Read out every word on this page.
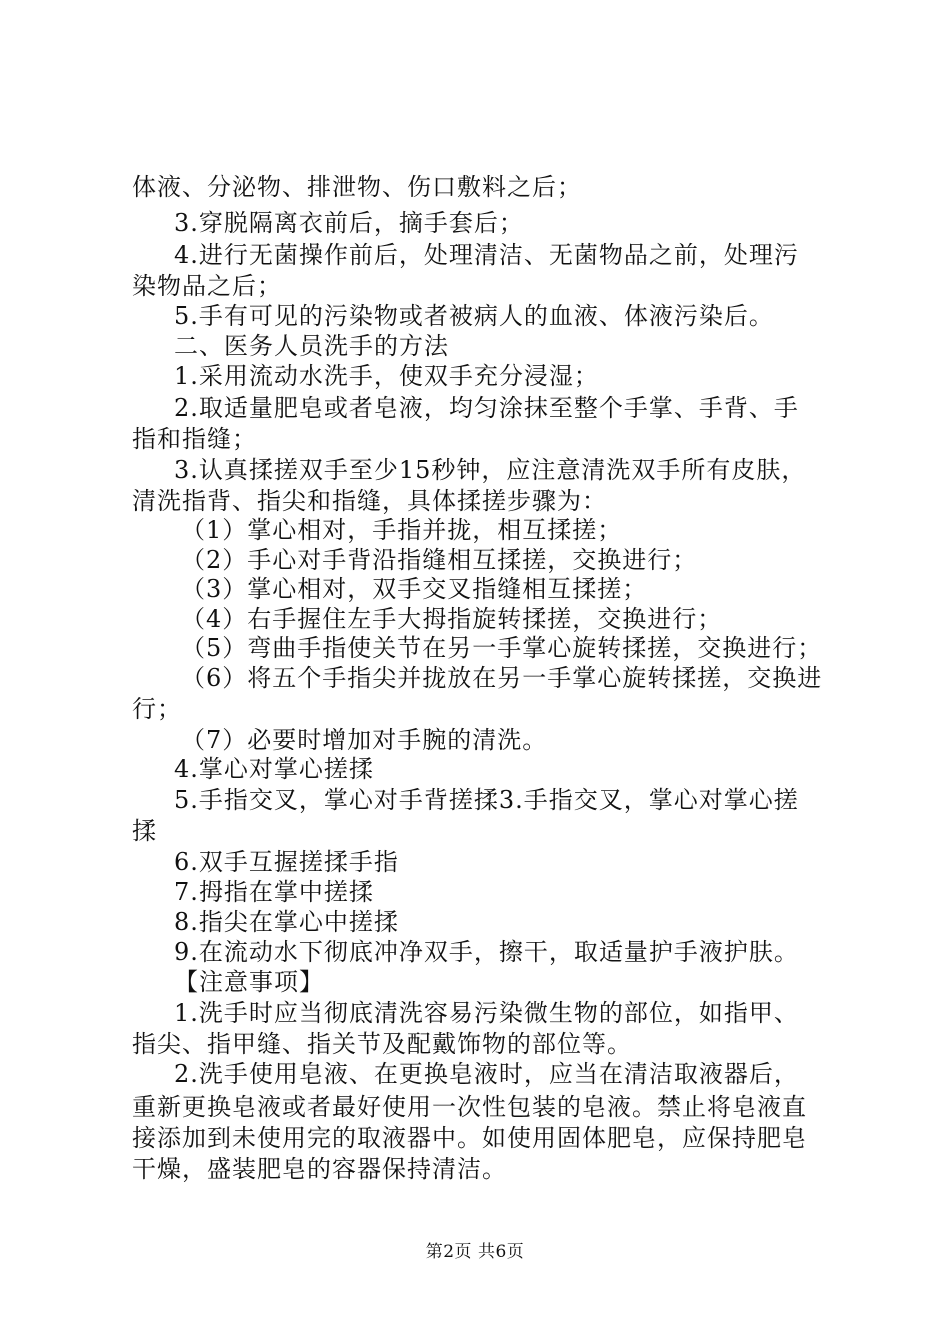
体液、分泌物、排泄物、伤口敷料之后；
3.穿脱隔离衣前后，摘手套后；
4.进行无菌操作前后，处理清洁、无菌物品之前，处理污
染物品之后；
5.手有可见的污染物或者被病人的血液、体液污染后。
二、医务人员洗手的方法
1.采用流动水洗手，使双手充分浸湿；
2.取适量肥皂或者皂液，均匀涂抹至整个手掌、手背、手
指和指缝；
3.认真揉搓双手至少15秒钟，应注意清洗双手所有皮肤，
清洗指背、指尖和指缝，具体揉搓步骤为：
（1）掌心相对，手指并拢，相互揉搓；
（2）手心对手背沿指缝相互揉搓，交换进行；
（3）掌心相对，双手交叉指缝相互揉搓；
（4）右手握住左手大拇指旋转揉搓，交换进行；
（5）弯曲手指使关节在另一手掌心旋转揉搓，交换进行；
（6）将五个手指尖并拢放在另一手掌心旋转揉搓，交换进
行；
（7）必要时增加对手腕的清洗。
4.掌心对掌心搓揉
5.手指交叉，掌心对手背搓揉3.手指交叉，掌心对掌心搓
揉
6.双手互握搓揉手指
7.拇指在掌中搓揉
8.指尖在掌心中搓揉
9.在流动水下彻底冲净双手，擦干，取适量护手液护肤。
【注意事项】
1.洗手时应当彻底清洗容易污染微生物的部位，如指甲、
指尖、指甲缝、指关节及配戴饰物的部位等。
2.洗手使用皂液、在更换皂液时，应当在清洁取液器后，
重新更换皂液或者最好使用一次性包装的皂液。禁止将皂液直
接添加到未使用完的取液器中。如使用固体肥皂，应保持肥皂
干燥，盛装肥皂的容器保持清洁。
第2页 共6页
